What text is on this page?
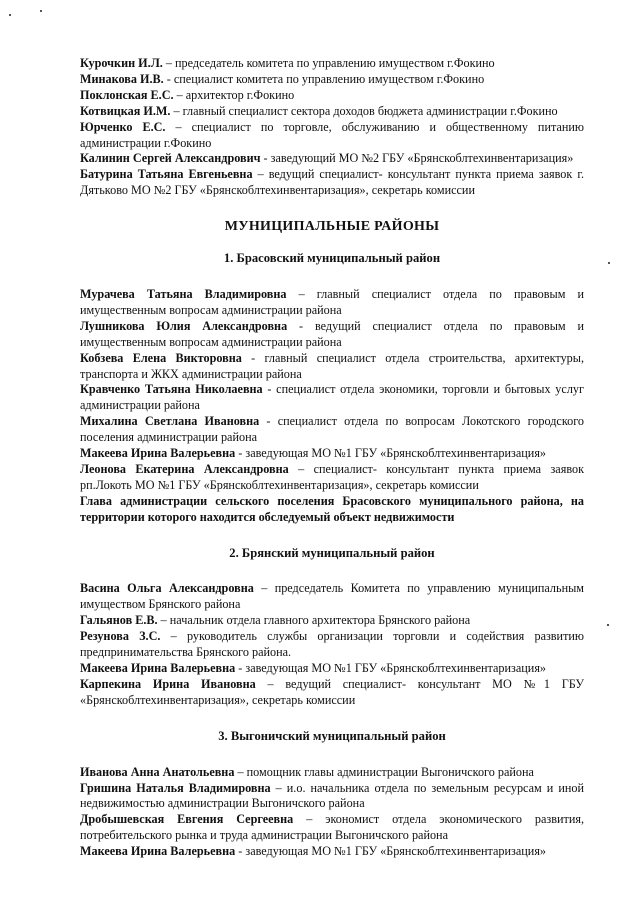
Курочкин И.Л. – председатель комитета по управлению имуществом г.Фокино
Минакова И.В. - специалист комитета по управлению имуществом г.Фокино
Поклонская Е.С. – архитектор г.Фокино
Котвицкая И.М. – главный специалист сектора доходов бюджета администрации г.Фокино
Юрченко Е.С. – специалист по торговле, обслуживанию и общественному питанию администрации г.Фокино
Калинин Сергей Александрович - заведующий МО №2 ГБУ «Брянскоблтехинвентаризация»
Батурина Татьяна Евгеньевна – ведущий специалист- консультант пункта приема заявок г. Дятьково МО №2 ГБУ «Брянскоблтехинвентаризация», секретарь комиссии
МУНИЦИПАЛЬНЫЕ РАЙОНЫ
1. Брасовский муниципальный район
Мурачева Татьяна Владимировна – главный специалист отдела по правовым и имущественным вопросам администрации района
Лушникова Юлия Александровна - ведущий специалист отдела по правовым и имущественным вопросам администрации района
Кобзева Елена Викторовна - главный специалист отдела строительства, архитектуры, транспорта и ЖКХ администрации района
Кравченко Татьяна Николаевна - специалист отдела экономики, торговли и бытовых услуг администрации района
Михалина Светлана Ивановна - специалист отдела по вопросам Локотского городского поселения администрации района
Макеева Ирина Валерьевна - заведующая МО №1 ГБУ «Брянскоблтехинвентаризация»
Леонова Екатерина Александровна – специалист- консультант пункта приема заявок рп.Локоть МО №1 ГБУ «Брянскоблтехинвентаризация», секретарь комиссии
Глава администрации сельского поселения Брасовского муниципального района, на территории которого находится обследуемый объект недвижимости
2. Брянский муниципальный район
Васина Ольга Александровна – председатель Комитета по управлению муниципальным имуществом Брянского района
Гальянов Е.В. – начальник отдела главного архитектора Брянского района
Резунова З.С. – руководитель службы организации торговли и содействия развитию предпринимательства Брянского района.
Макеева Ирина Валерьевна - заведующая МО №1 ГБУ «Брянскоблтехинвентаризация»
Карпекина Ирина Ивановна – ведущий специалист- консультант МО №1 ГБУ «Брянскоблтехинвентаризация», секретарь комиссии
3. Выгоничский муниципальный район
Иванова Анна Анатольевна – помощник главы администрации Выгоничского района
Гришина Наталья Владимировна – и.о. начальника отдела по земельным ресурсам и иной недвижимостью администрации Выгоничского района
Дробышевская Евгения Сергеевна – экономист отдела экономического развития, потребительского рынка и труда администрации Выгоничского района
Макеева Ирина Валерьевна - заведующая МО №1 ГБУ «Брянскоблтехинвентаризация»
